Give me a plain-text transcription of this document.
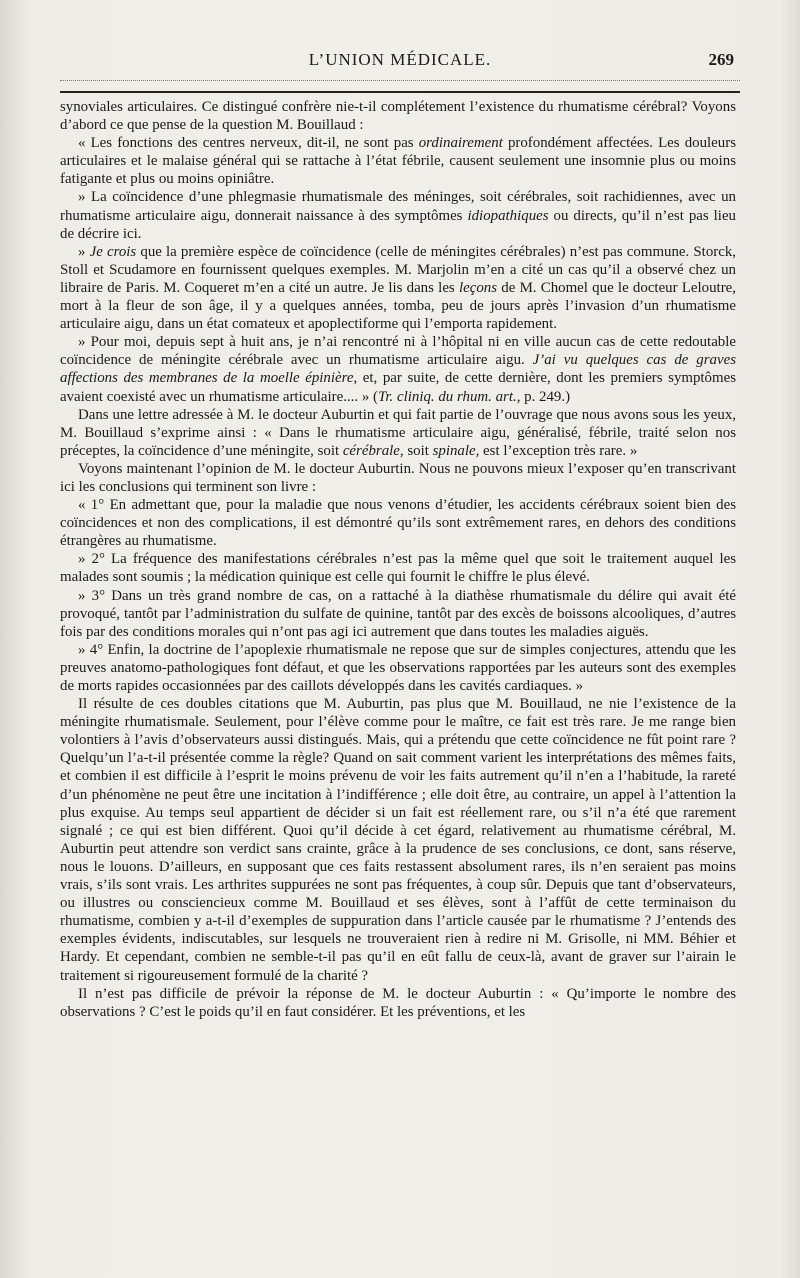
L’UNION MÉDICALE.	269

synoviales articulaires. Ce distingué confrère nie-t-il complétement l’existence du rhumatisme cérébral? Voyons d’abord ce que pense de la question M. Bouillaud :

« Les fonctions des centres nerveux, dit-il, ne sont pas ordinairement profondément affectées. Les douleurs articulaires et le malaise général qui se rattache à l’état fébrile, causent seulement une insomnie plus ou moins fatigante et plus ou moins opiniâtre.

» La coïncidence d’une phlegmasie rhumatismale des méninges, soit cérébrales, soit rachidiennes, avec un rhumatisme articulaire aigu, donnerait naissance à des symptômes idiopathiques ou directs, qu’il n’est pas lieu de décrire ici.

» Je crois que la première espèce de coïncidence (celle de méningites cérébrales) n’est pas commune. Storck, Stoll et Scudamore en fournissent quelques exemples. M. Marjolin m’en a cité un cas qu’il a observé chez un libraire de Paris. M. Coqueret m’en a cité un autre. Je lis dans les leçons de M. Chomel que le docteur Leloutre, mort à la fleur de son âge, il y a quelques années, tomba, peu de jours après l’invasion d’un rhumatisme articulaire aigu, dans un état comateux et apoplectiforme qui l’emporta rapidement.

» Pour moi, depuis sept à huit ans, je n’ai rencontré ni à l’hôpital ni en ville aucun cas de cette redoutable coïncidence de méningite cérébrale avec un rhumatisme articulaire aigu. J’ai vu quelques cas de graves affections des membranes de la moelle épinière, et, par suite, de cette dernière, dont les premiers symptômes avaient coexisté avec un rhumatisme articulaire.... » (Tr. cliniq. du rhum. art., p. 249.)

Dans une lettre adressée à M. le docteur Auburtin et qui fait partie de l’ouvrage que nous avons sous les yeux, M. Bouillaud s’exprime ainsi : « Dans le rhumatisme articulaire aigu, généralisé, fébrile, traité selon nos préceptes, la coïncidence d’une méningite, soit cérébrale, soit spinale, est l’exception très rare. »

Voyons maintenant l’opinion de M. le docteur Auburtin. Nous ne pouvons mieux l’exposer qu’en transcrivant ici les conclusions qui terminent son livre :

« 1° En admettant que, pour la maladie que nous venons d’étudier, les accidents cérébraux soient bien des coïncidences et non des complications, il est démontré qu’ils sont extrêmement rares, en dehors des conditions étrangères au rhumatisme.

» 2° La fréquence des manifestations cérébrales n’est pas la même quel que soit le traitement auquel les malades sont soumis ; la médication quinique est celle qui fournit le chiffre le plus élevé.

» 3° Dans un très grand nombre de cas, on a rattaché à la diathèse rhumatismale du délire qui avait été provoqué, tantôt par l’administration du sulfate de quinine, tantôt par des excès de boissons alcooliques, d’autres fois par des conditions morales qui n’ont pas agi ici autrement que dans toutes les maladies aiguës.

» 4° Enfin, la doctrine de l’apoplexie rhumatismale ne repose que sur de simples conjectures, attendu que les preuves anatomo-pathologiques font défaut, et que les observations rapportées par les auteurs sont des exemples de morts rapides occasionnées par des caillots développés dans les cavités cardiaques. »

Il résulte de ces doubles citations que M. Auburtin, pas plus que M. Bouillaud, ne nie l’existence de la méningite rhumatismale. Seulement, pour l’élève comme pour le maître, ce fait est très rare. Je me range bien volontiers à l’avis d’observateurs aussi distingués. Mais, qui a prétendu que cette coïncidence ne fût point rare ? Quelqu’un l’a-t-il présentée comme la règle? Quand on sait comment varient les interprétations des mêmes faits, et combien il est difficile à l’esprit le moins prévenu de voir les faits autrement qu’il n’en a l’habitude, la rareté d’un phénomène ne peut être une incitation à l’indifférence ; elle doit être, au contraire, un appel à l’attention la plus exquise. Au temps seul appartient de décider si un fait est réellement rare, ou s’il n’a été que rarement signalé ; ce qui est bien différent. Quoi qu’il décide à cet égard, relativement au rhumatisme cérébral, M. Auburtin peut attendre son verdict sans crainte, grâce à la prudence de ses conclusions, ce dont, sans réserve, nous le louons. D’ailleurs, en supposant que ces faits restassent absolument rares, ils n’en seraient pas moins vrais, s’ils sont vrais. Les arthrites suppurées ne sont pas fréquentes, à coup sûr. Depuis que tant d’observateurs, ou illustres ou consciencieux comme M. Bouillaud et ses élèves, sont à l’affût de cette terminaison du rhumatisme, combien y a-t-il d’exemples de suppuration dans l’article causée par le rhumatisme ? J’entends des exemples évidents, indiscutables, sur lesquels ne trouveraient rien à redire ni M. Grisolle, ni MM. Béhier et Hardy. Et cependant, combien ne semble-t-il pas qu’il en eût fallu de ceux-là, avant de graver sur l’airain le traitement si rigoureusement formulé de la charité ?

Il n’est pas difficile de prévoir la réponse de M. le docteur Auburtin : « Qu’importe le nombre des observations ? C’est le poids qu’il en faut considérer. Et les préventions, et les
